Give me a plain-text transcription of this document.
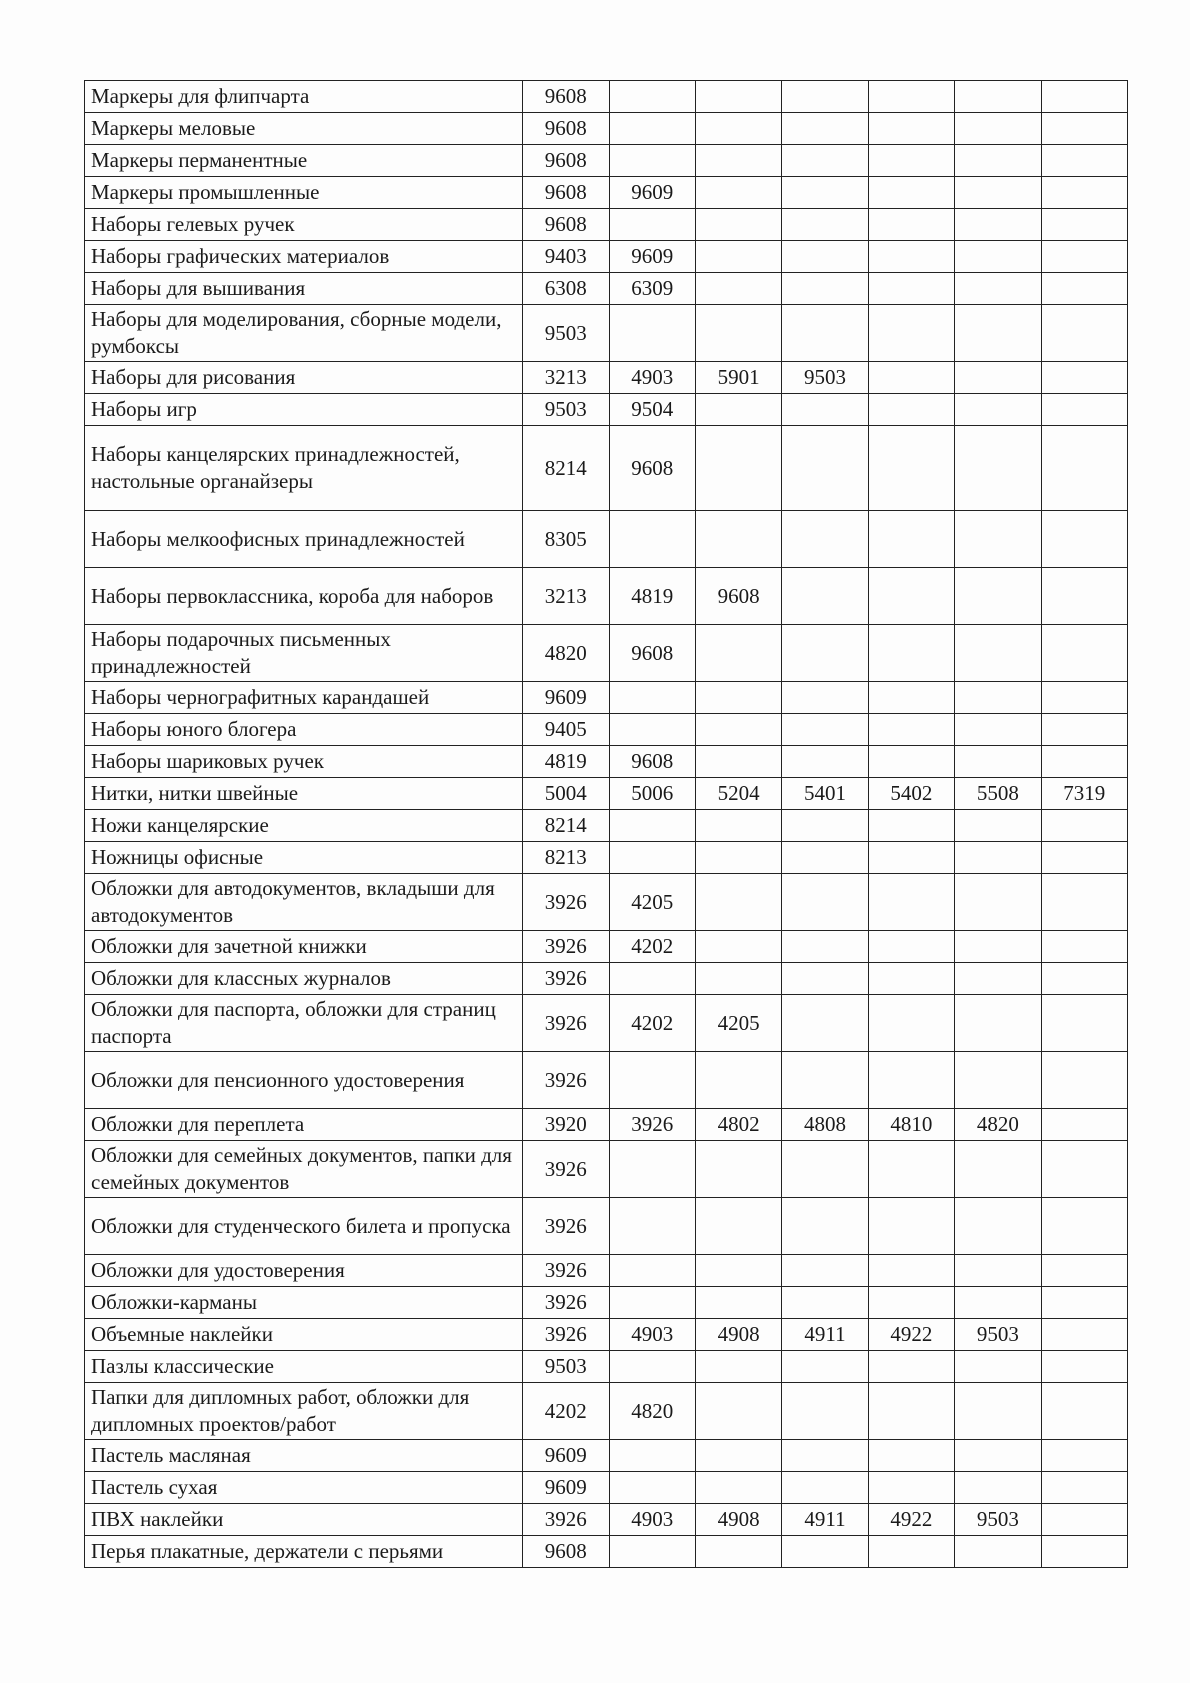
Маркеры для флипчарта	9608						
Маркеры меловые	9608						
Маркеры перманентные	9608						
Маркеры промышленные	9608	9609					
Наборы гелевых ручек	9608						
Наборы графических материалов	9403	9609					
Наборы для вышивания	6308	6309					
Наборы для моделирования, сборные модели, румбоксы	9503						
Наборы для рисования	3213	4903	5901	9503			
Наборы игр	9503	9504					
Наборы канцелярских принадлежностей, настольные органайзеры	8214	9608					
Наборы мелкоофисных принадлежностей	8305						
Наборы первоклассника, короба для наборов	3213	4819	9608				
Наборы подарочных письменных принадлежностей	4820	9608					
Наборы чернографитных карандашей	9609						
Наборы юного блогера	9405						
Наборы шариковых ручек	4819	9608					
Нитки, нитки швейные	5004	5006	5204	5401	5402	5508	7319
Ножи канцелярские	8214						
Ножницы офисные	8213						
Обложки для автодокументов, вкладыши для автодокументов	3926	4205					
Обложки для зачетной книжки	3926	4202					
Обложки для классных журналов	3926						
Обложки для паспорта, обложки для страниц паспорта	3926	4202	4205				
Обложки для пенсионного удостоверения	3926						
Обложки для переплета	3920	3926	4802	4808	4810	4820	
Обложки для семейных документов, папки для семейных документов	3926						
Обложки для студенческого билета и пропуска	3926						
Обложки для удостоверения	3926						
Обложки-карманы	3926						
Объемные наклейки	3926	4903	4908	4911	4922	9503	
Пазлы классические	9503						
Папки для дипломных работ, обложки для дипломных проектов/работ	4202	4820					
Пастель масляная	9609						
Пастель сухая	9609						
ПВХ наклейки	3926	4903	4908	4911	4922	9503	
Перья плакатные, держатели с перьями	9608						
